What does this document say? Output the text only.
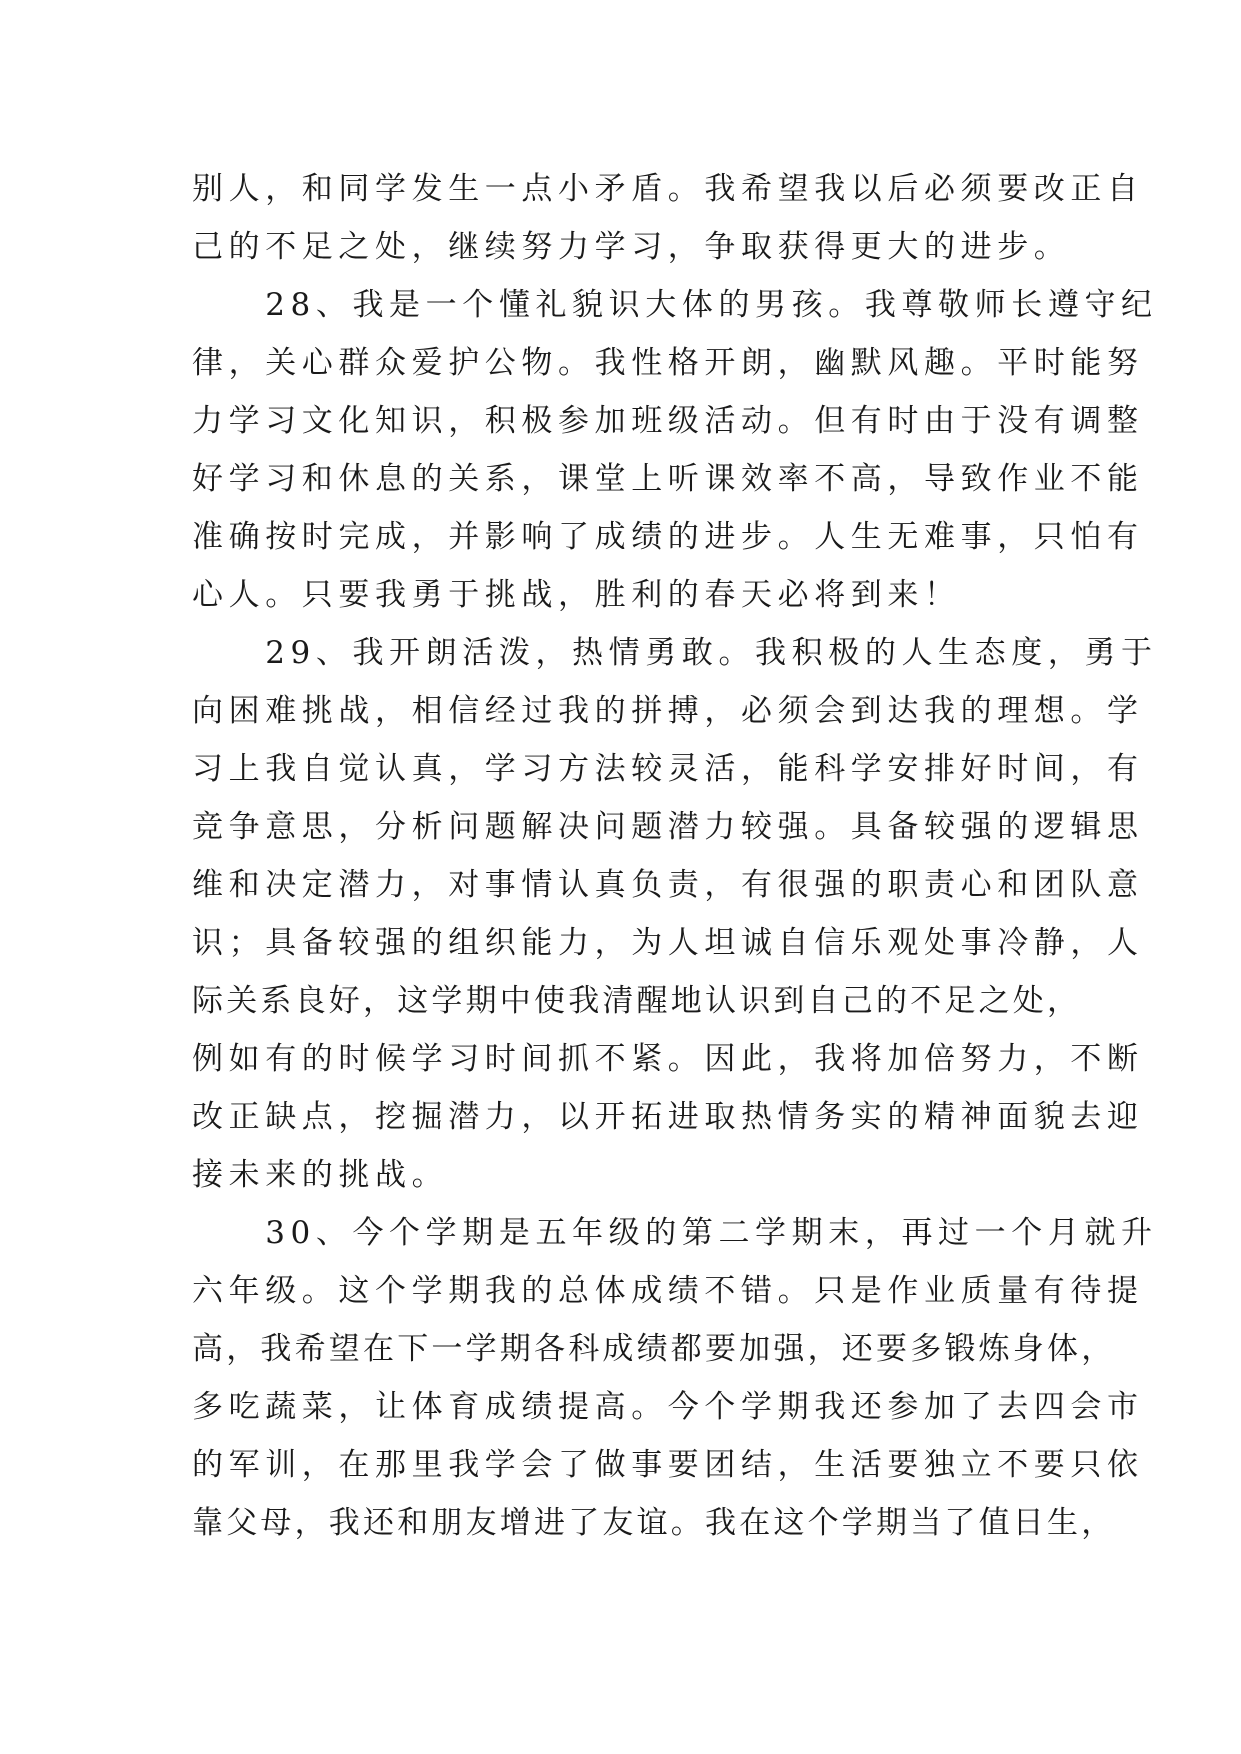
别人，和同学发生一点小矛盾。我希望我以后必须要改正自
己的不足之处，继续努力学习，争取获得更大的进步。
　　28、我是一个懂礼貌识大体的男孩。我尊敬师长遵守纪
律，关心群众爱护公物。我性格开朗，幽默风趣。平时能努
力学习文化知识，积极参加班级活动。但有时由于没有调整
好学习和休息的关系，课堂上听课效率不高，导致作业不能
准确按时完成，并影响了成绩的进步。人生无难事，只怕有
心人。只要我勇于挑战，胜利的春天必将到来！
　　29、我开朗活泼，热情勇敢。我积极的人生态度，勇于
向困难挑战，相信经过我的拼搏，必须会到达我的理想。学
习上我自觉认真，学习方法较灵活，能科学安排好时间，有
竞争意思，分析问题解决问题潜力较强。具备较强的逻辑思
维和决定潜力，对事情认真负责，有很强的职责心和团队意
识；具备较强的组织能力，为人坦诚自信乐观处事冷静，人
际关系良好，这学期中使我清醒地认识到自己的不足之处，
例如有的时候学习时间抓不紧。因此，我将加倍努力，不断
改正缺点，挖掘潜力，以开拓进取热情务实的精神面貌去迎
接未来的挑战。
　　30、今个学期是五年级的第二学期末，再过一个月就升
六年级。这个学期我的总体成绩不错。只是作业质量有待提
高，我希望在下一学期各科成绩都要加强，还要多锻炼身体，
多吃蔬菜，让体育成绩提高。今个学期我还参加了去四会市
的军训，在那里我学会了做事要团结，生活要独立不要只依
靠父母，我还和朋友增进了友谊。我在这个学期当了值日生，
